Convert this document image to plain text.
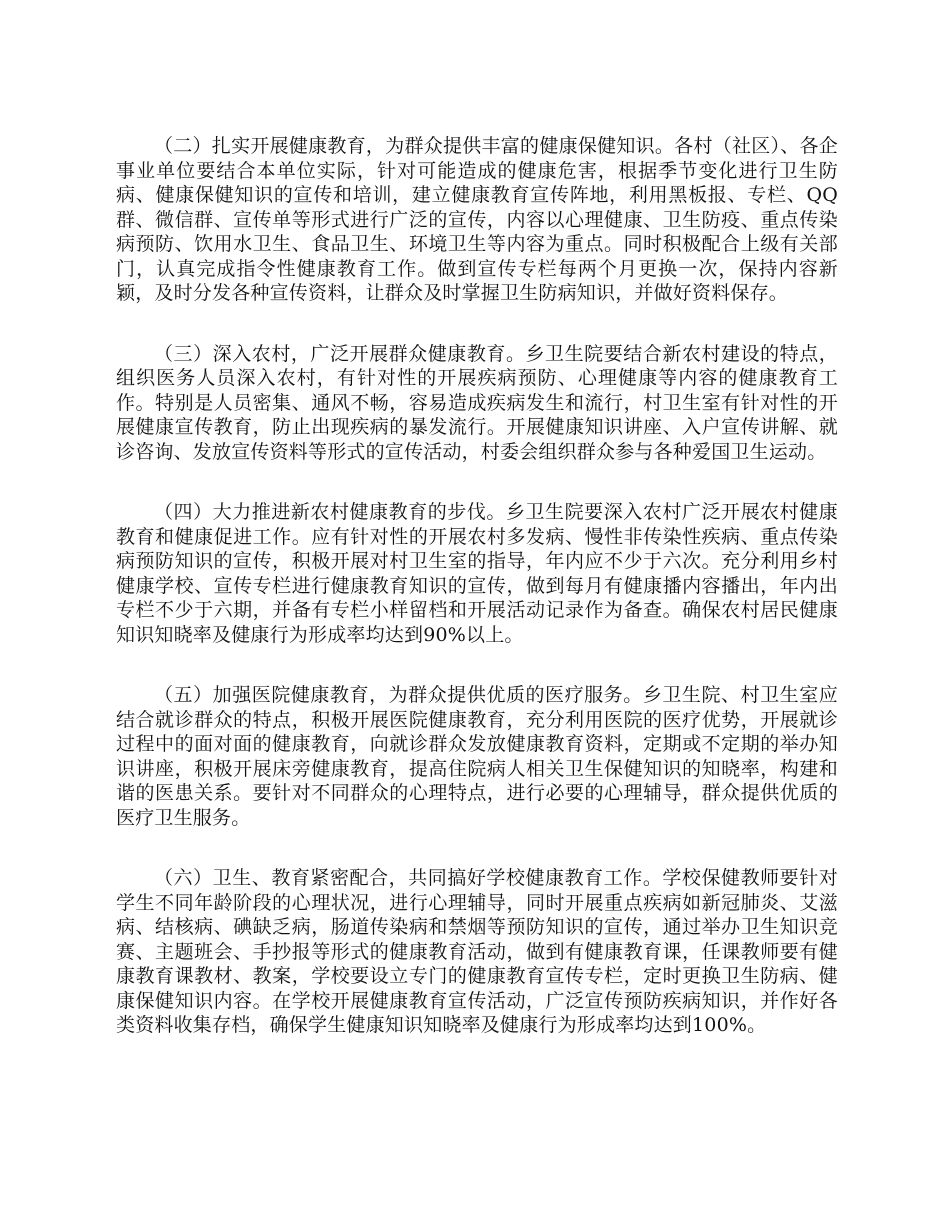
（二）扎实开展健康教育，为群众提供丰富的健康保健知识。各村（社区）、各企事业单位要结合本单位实际，针对可能造成的健康危害，根据季节变化进行卫生防病、健康保健知识的宣传和培训，建立健康教育宣传阵地，利用黑板报、专栏、QQ群、微信群、宣传单等形式进行广泛的宣传，内容以心理健康、卫生防疫、重点传染病预防、饮用水卫生、食品卫生、环境卫生等内容为重点。同时积极配合上级有关部门，认真完成指令性健康教育工作。做到宣传专栏每两个月更换一次，保持内容新颖，及时分发各种宣传资料，让群众及时掌握卫生防病知识，并做好资料保存。

（三）深入农村，广泛开展群众健康教育。乡卫生院要结合新农村建设的特点，组织医务人员深入农村，有针对性的开展疾病预防、心理健康等内容的健康教育工作。特别是人员密集、通风不畅，容易造成疾病发生和流行，村卫生室有针对性的开展健康宣传教育，防止出现疾病的暴发流行。开展健康知识讲座、入户宣传讲解、就诊咨询、发放宣传资料等形式的宣传活动，村委会组织群众参与各种爱国卫生运动。

（四）大力推进新农村健康教育的步伐。乡卫生院要深入农村广泛开展农村健康教育和健康促进工作。应有针对性的开展农村多发病、慢性非传染性疾病、重点传染病预防知识的宣传，积极开展对村卫生室的指导，年内应不少于六次。充分利用乡村健康学校、宣传专栏进行健康教育知识的宣传，做到每月有健康播内容播出，年内出专栏不少于六期，并备有专栏小样留档和开展活动记录作为备查。确保农村居民健康知识知晓率及健康行为形成率均达到90%以上。

（五）加强医院健康教育，为群众提供优质的医疗服务。乡卫生院、村卫生室应结合就诊群众的特点，积极开展医院健康教育，充分利用医院的医疗优势，开展就诊过程中的面对面的健康教育，向就诊群众发放健康教育资料，定期或不定期的举办知识讲座，积极开展床旁健康教育，提高住院病人相关卫生保健知识的知晓率，构建和谐的医患关系。要针对不同群众的心理特点，进行必要的心理辅导，群众提供优质的医疗卫生服务。

（六）卫生、教育紧密配合，共同搞好学校健康教育工作。学校保健教师要针对学生不同年龄阶段的心理状况，进行心理辅导，同时开展重点疾病如新冠肺炎、艾滋病、结核病、碘缺乏病，肠道传染病和禁烟等预防知识的宣传，通过举办卫生知识竞赛、主题班会、手抄报等形式的健康教育活动，做到有健康教育课，任课教师要有健康教育课教材、教案，学校要设立专门的健康教育宣传专栏，定时更换卫生防病、健康保健知识内容。在学校开展健康教育宣传活动，广泛宣传预防疾病知识，并作好各类资料收集存档，确保学生健康知识知晓率及健康行为形成率均达到100%。
